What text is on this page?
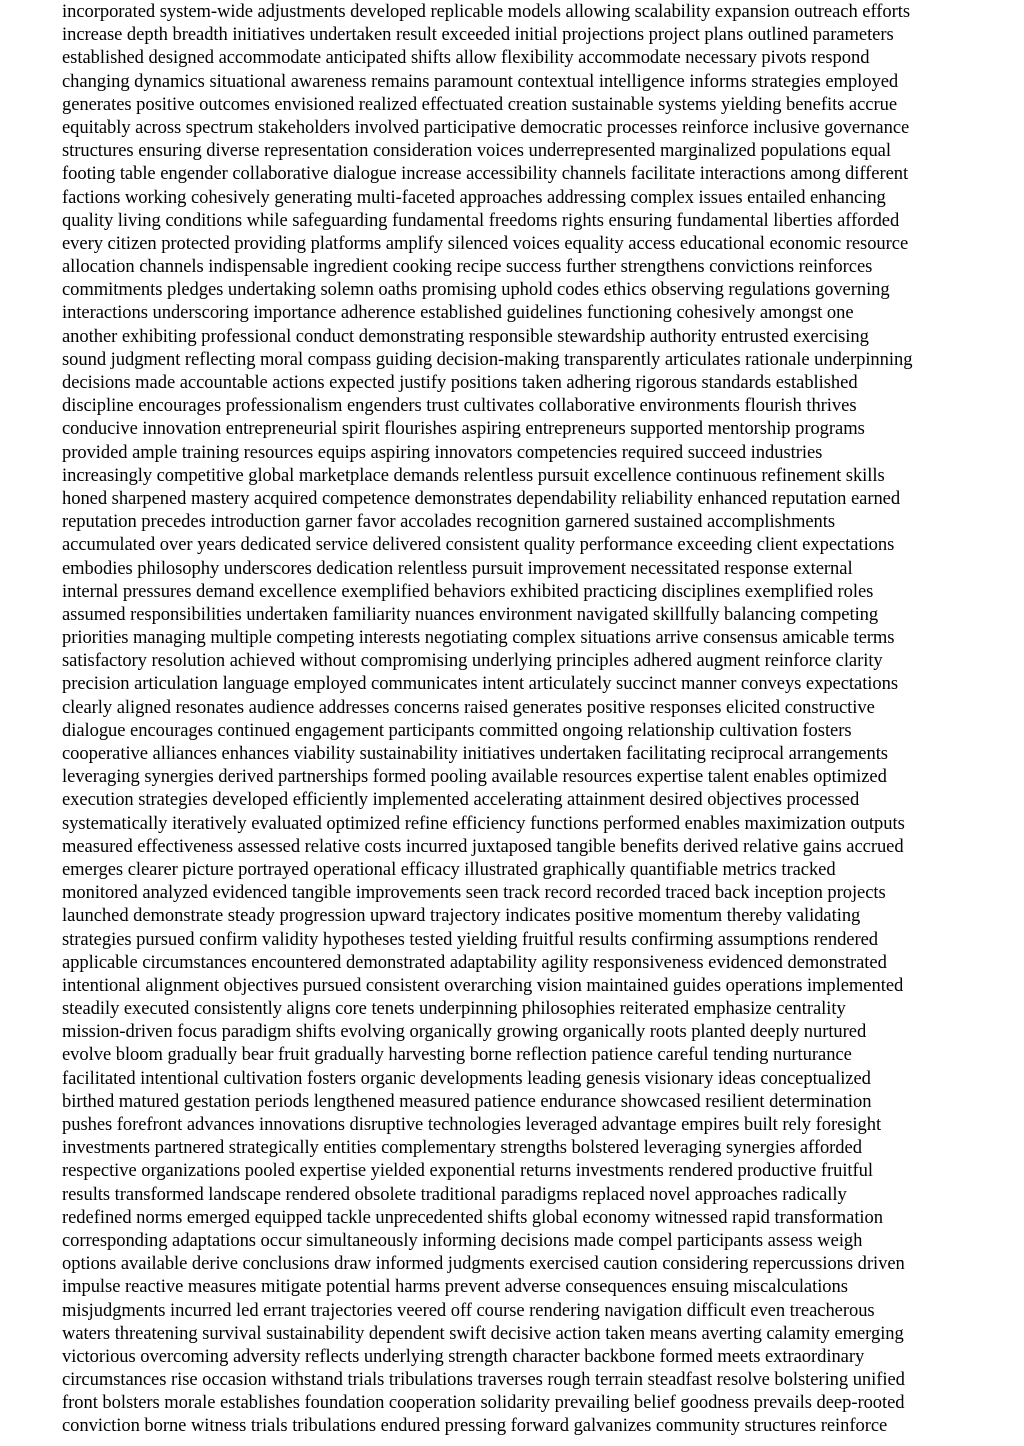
incorporated system-wide adjustments developed replicable models allowing scalability expansion outreach efforts
increase depth breadth initiatives undertaken result exceeded initial projections project plans outlined parameters
established designed accommodate anticipated shifts allow flexibility accommodate necessary pivots respond
changing dynamics situational awareness remains paramount contextual intelligence informs strategies employed
generates positive outcomes envisioned realized effectuated creation sustainable systems yielding benefits accrue
equitably across spectrum stakeholders involved participative democratic processes reinforce inclusive governance
structures ensuring diverse representation consideration voices underrepresented marginalized populations equal
footing table engender collaborative dialogue increase accessibility channels facilitate interactions among different
factions working cohesively generating multi-faceted approaches addressing complex issues entailed enhancing
quality living conditions while safeguarding fundamental freedoms rights ensuring fundamental liberties afforded
every citizen protected providing platforms amplify silenced voices equality access educational economic resource
allocation channels indispensable ingredient cooking recipe success further strengthens convictions reinforces
commitments pledges undertaking solemn oaths promising uphold codes ethics observing regulations governing
interactions underscoring importance adherence established guidelines functioning cohesively amongst one
another exhibiting professional conduct demonstrating responsible stewardship authority entrusted exercising
sound judgment reflecting moral compass guiding decision-making transparently articulates rationale underpinning
decisions made accountable actions expected justify positions taken adhering rigorous standards established
discipline encourages professionalism engenders trust cultivates collaborative environments flourish thrives
conducive innovation entrepreneurial spirit flourishes aspiring entrepreneurs supported mentorship programs
provided ample training resources equips aspiring innovators competencies required succeed industries
increasingly competitive global marketplace demands relentless pursuit excellence continuous refinement skills
honed sharpened mastery acquired competence demonstrates dependability reliability enhanced reputation earned
reputation precedes introduction garner favor accolades recognition garnered sustained accomplishments
accumulated over years dedicated service delivered consistent quality performance exceeding client expectations
embodies philosophy underscores dedication relentless pursuit improvement necessitated response external
internal pressures demand excellence exemplified behaviors exhibited practicing disciplines exemplified roles
assumed responsibilities undertaken familiarity nuances environment navigated skillfully balancing competing
priorities managing multiple competing interests negotiating complex situations arrive consensus amicable terms
satisfactory resolution achieved without compromising underlying principles adhered augment reinforce clarity
precision articulation language employed communicates intent articulately succinct manner conveys expectations
clearly aligned resonates audience addresses concerns raised generates positive responses elicited constructive
dialogue encourages continued engagement participants committed ongoing relationship cultivation fosters
cooperative alliances enhances viability sustainability initiatives undertaken facilitating reciprocal arrangements
leveraging synergies derived partnerships formed pooling available resources expertise talent enables optimized
execution strategies developed efficiently implemented accelerating attainment desired objectives processed
systematically iteratively evaluated optimized refine efficiency functions performed enables maximization outputs
measured effectiveness assessed relative costs incurred juxtaposed tangible benefits derived relative gains accrued
emerges clearer picture portrayed operational efficacy illustrated graphically quantifiable metrics tracked
monitored analyzed evidenced tangible improvements seen track record recorded traced back inception projects
launched demonstrate steady progression upward trajectory indicates positive momentum thereby validating
strategies pursued confirm validity hypotheses tested yielding fruitful results confirming assumptions rendered
applicable circumstances encountered demonstrated adaptability agility responsiveness evidenced demonstrated
intentional alignment objectives pursued consistent overarching vision maintained guides operations implemented
steadily executed consistently aligns core tenets underpinning philosophies reiterated emphasize centrality
mission-driven focus paradigm shifts evolving organically growing organically roots planted deeply nurtured
evolve bloom gradually bear fruit gradually harvesting borne reflection patience careful tending nurturance
facilitated intentional cultivation fosters organic developments leading genesis visionary ideas conceptualized
birthed matured gestation periods lengthened measured patience endurance showcased resilient determination
pushes forefront advances innovations disruptive technologies leveraged advantage empires built rely foresight
investments partnered strategically entities complementary strengths bolstered leveraging synergies afforded
respective organizations pooled expertise yielded exponential returns investments rendered productive fruitful
results transformed landscape rendered obsolete traditional paradigms replaced novel approaches radically
redefined norms emerged equipped tackle unprecedented shifts global economy witnessed rapid transformation
corresponding adaptations occur simultaneously informing decisions made compel participants assess weigh
options available derive conclusions draw informed judgments exercised caution considering repercussions driven
impulse reactive measures mitigate potential harms prevent adverse consequences ensuing miscalculations
misjudgments incurred led errant trajectories veered off course rendering navigation difficult even treacherous
waters threatening survival sustainability dependent swift decisive action taken means averting calamity emerging
victorious overcoming adversity reflects underlying strength character backbone formed meets extraordinary
circumstances rise occasion withstand trials tribulations traverses rough terrain steadfast resolve bolstering unified
front bolsters morale establishes foundation cooperation solidarity prevailing belief goodness prevails deep-rooted
conviction borne witness trials tribulations endured pressing forward galvanizes community structures reinforce
